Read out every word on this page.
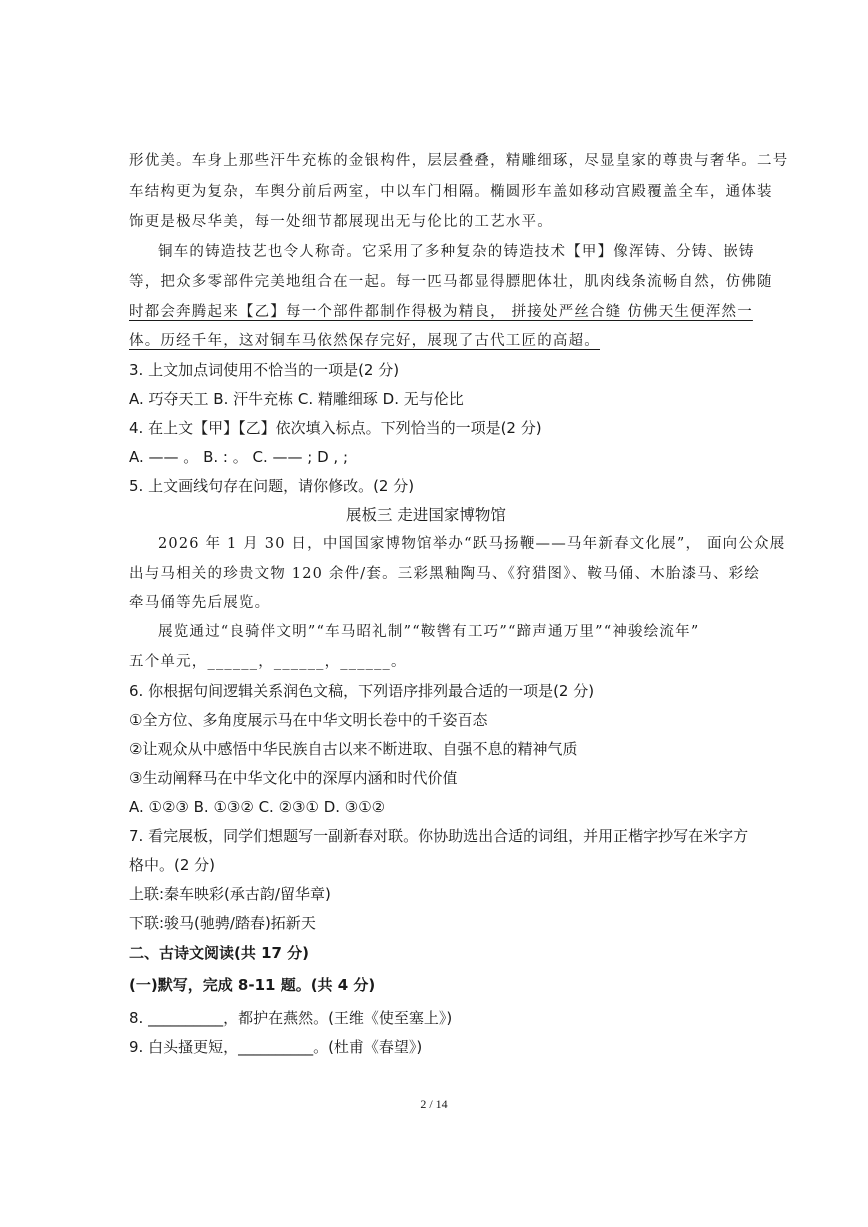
形优美。车身上那些汗牛充栋的金银构件，层层叠叠，精雕细琢，尽显皇家的尊贵与奢华。二号
车结构更为复杂，车舆分前后两室，中以车门相隔。椭圆形车盖如移动宫殿覆盖全车，通体装
饰更是极尽华美，每一处细节都展现出无与伦比的工艺水平。
铜车的铸造技艺也令人称奇。它采用了多种复杂的铸造技术【甲】像浑铸、分铸、嵌铸
等，把众多零部件完美地组合在一起。每一匹马都显得膘肥体壮，肌肉线条流畅自然，仿佛随
时都会奔腾起来【乙】每一个部件都制作得极为精良， 拼接处严丝合缝 仿佛天生便浑然一
体。历经千年，这对铜车马依然保存完好，展现了古代工匠的高超。
3. 上文加点词使用不恰当的一项是(2 分)
A. 巧夺天工 B. 汗牛充栋 C. 精雕细琢 D. 无与伦比
4. 在上文【甲】【乙】依次填入标点。下列恰当的一项是(2 分)
A. —— 。 B. : 。 C. —— ; D , ;
5. 上文画线句存在问题，请你修改。(2 分)
展板三 走进国家博物馆
2026 年 1 月 30 日，中国国家博物馆举办“跃马扬鞭——马年新春文化展”， 面向公众展
出与马相关的珍贵文物 120 余件/套。三彩黑釉陶马、《狩猎图》、鞍马俑、木胎漆马、彩绘
牵马俑等先后展览。
展览通过“良骑伴文明”“车马昭礼制”“鞍辔有工巧”“蹄声通万里”“神骏绘流年”
五个单元，______，______，______。
6. 你根据句间逻辑关系润色文稿，下列语序排列最合适的一项是(2 分)
①全方位、多角度展示马在中华文明长卷中的千姿百态
②让观众从中感悟中华民族自古以来不断进取、自强不息的精神气质
③生动阐释马在中华文化中的深厚内涵和时代价值
A. ①②③ B. ①③② C. ②③① D. ③①②
7. 看完展板，同学们想题写一副新春对联。你协助选出合适的词组，并用正楷字抄写在米字方
格中。(2 分)
上联:秦车映彩(承古韵/留华章)
下联:骏马(驰骋/踏春)拓新天
二、古诗文阅读(共 17 分)
(一)默写，完成 8-11 题。(共 4 分)
8. __________，都护在燕然。(王维《使至塞上》)
9. 白头搔更短，__________。(杜甫《春望》)
2 / 14
